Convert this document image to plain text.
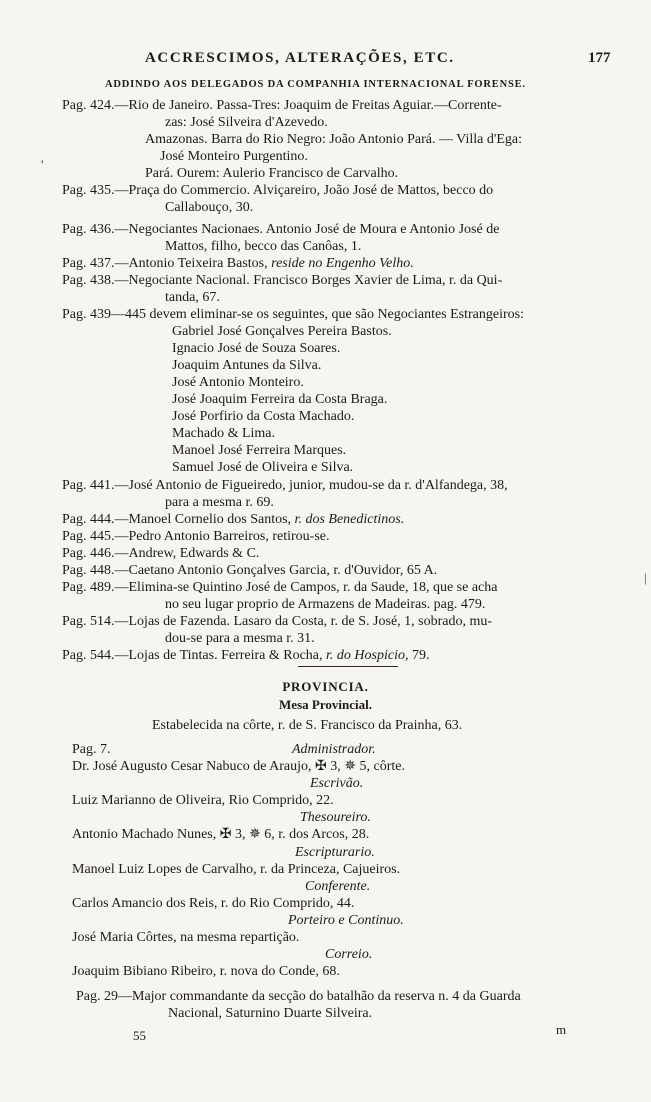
ACCRESCIMOS, ALTERAÇÕES, ETC.	177
ADDINDO AOS DELEGADOS DA COMPANHIA INTERNACIONAL FORENSE.
Pag. 424.—Rio de Janeiro. Passa-Tres: Joaquim de Freitas Aguiar.—Corrente-
zas: José Silveira d'Azevedo.
Amazonas. Barra do Rio Negro: João Antonio Pará. — Villa d'Ega:
José Monteiro Purgentino.
Pará. Ourem: Aulerio Francisco de Carvalho.
Pag. 435.—Praça do Commercio. Alviçareiro, João José de Mattos, becco do
Callabouço, 30.
Pag. 436.—Negociantes Nacionaes. Antonio José de Moura e Antonio José de
Mattos, filho, becco das Canôas, 1.
Pag. 437.—Antonio Teixeira Bastos, reside no Engenho Velho.
Pag. 438.—Negociante Nacional. Francisco Borges Xavier de Lima, r. da Qui-
tanda, 67.
Pag. 439—445 devem eliminar-se os seguintes, que são Negociantes Estrangeiros:
Gabriel José Gonçalves Pereira Bastos.
Ignacio José de Souza Soares.
Joaquim Antunes da Silva.
José Antonio Monteiro.
José Joaquim Ferreira da Costa Braga.
José Porfirio da Costa Machado.
Machado & Lima.
Manoel José Ferreira Marques.
Samuel José de Oliveira e Silva.
Pag. 441.—José Antonio de Figueiredo, junior, mudou-se da r. d'Alfandega, 38,
para a mesma r. 69.
Pag. 444.—Manoel Cornelio dos Santos, r. dos Benedictinos.
Pag. 445.—Pedro Antonio Barreiros, retirou-se.
Pag. 446.—Andrew, Edwards & C.
Pag. 448.—Caetano Antonio Gonçalves Garcia, r. d'Ouvidor, 65 A.
Pag. 489.—Elimina-se Quintino José de Campos, r. da Saude, 18, que se acha
no seu lugar proprio de Armazens de Madeiras. pag. 479.
Pag. 514.—Lojas de Fazenda. Lasaro da Costa, r. de S. José, 1, sobrado, mu-
dou-se para a mesma r. 31.
Pag. 544.—Lojas de Tintas. Ferreira & Rocha, r. do Hospicio, 79.
PROVINCIA.
Mesa Provincial.
Estabelecida na côrte, r. de S. Francisco da Prainha, 63.
Pag. 7.	Administrador.
Dr. José Augusto Cesar Nabuco de Araujo, ✠ 3, ✵ 5, côrte.
Escrivão.
Luiz Marianno de Oliveira, Rio Comprido, 22.
Thesoureiro.
Antonio Machado Nunes, ✠ 3, ✵ 6, r. dos Arcos, 28.
Escripturario.
Manoel Luiz Lopes de Carvalho, r. da Princeza, Cajueiros.
Conferente.
Carlos Amancio dos Reis, r. do Rio Comprido, 44.
Porteiro e Continuo.
José Maria Côrtes, na mesma repartição.
Correio.
Joaquim Bibiano Ribeiro, r. nova do Conde, 68.
Pag. 29—Major commandante da secção do batalhão da reserva n. 4 da Guarda
Nacional, Saturnino Duarte Silveira.
55	m
‚
|
